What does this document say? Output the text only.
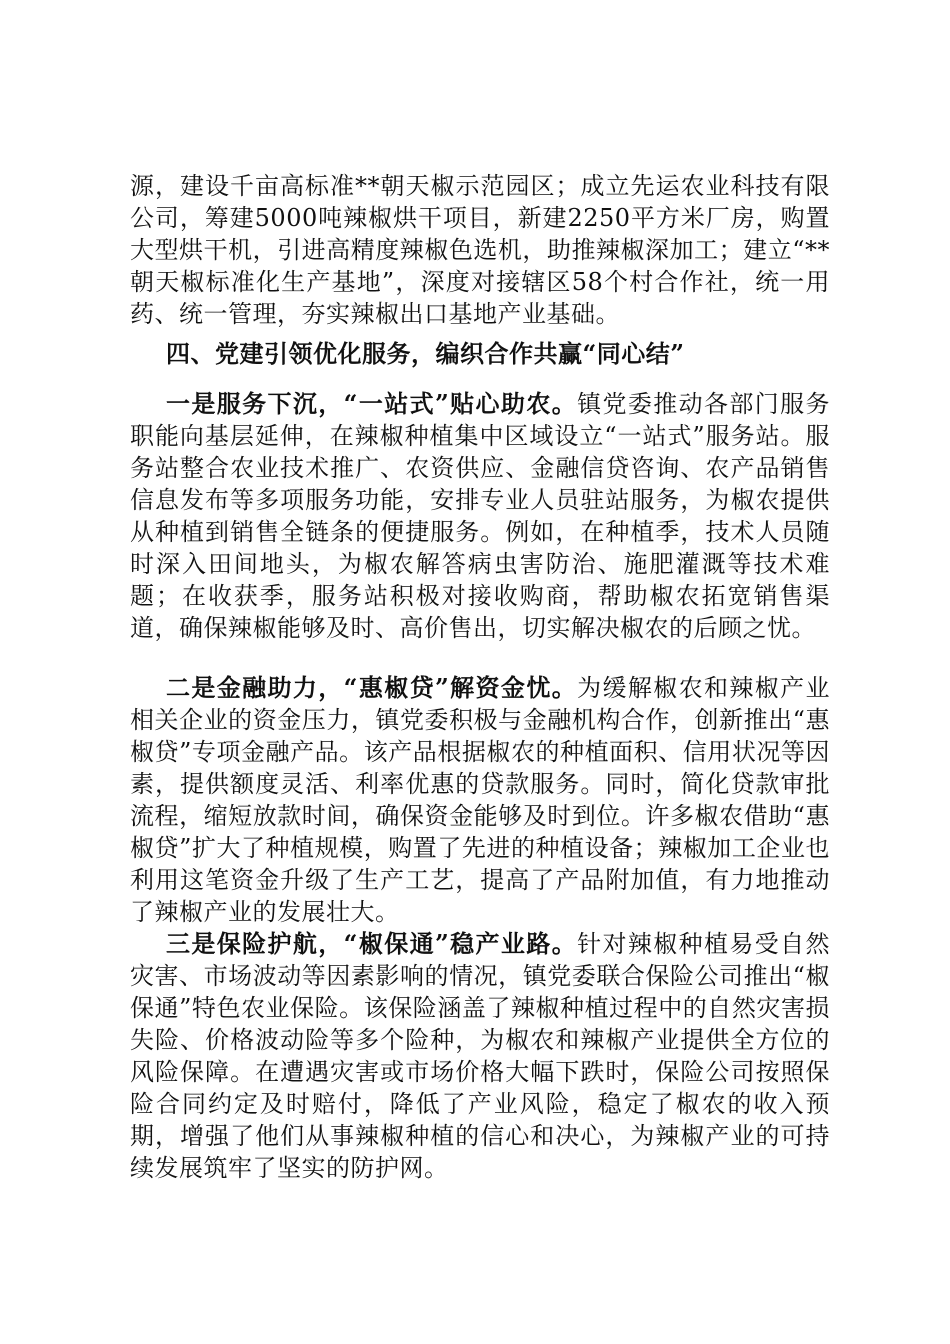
源，建设千亩高标准**朝天椒示范园区；成立先运农业科技有限公司，筹建5000吨辣椒烘干项目，新建2250平方米厂房，购置大型烘干机，引进高精度辣椒色选机，助推辣椒深加工；建立“**朝天椒标准化生产基地”，深度对接辖区58个村合作社，统一用药、统一管理，夯实辣椒出口基地产业基础。

四、党建引领优化服务，编织合作共赢“同心结”

一是服务下沉，“一站式”贴心助农。镇党委推动各部门服务职能向基层延伸，在辣椒种植集中区域设立“一站式”服务站。服务站整合农业技术推广、农资供应、金融信贷咨询、农产品销售信息发布等多项服务功能，安排专业人员驻站服务，为椒农提供从种植到销售全链条的便捷服务。例如，在种植季，技术人员随时深入田间地头，为椒农解答病虫害防治、施肥灌溉等技术难题；在收获季，服务站积极对接收购商，帮助椒农拓宽销售渠道，确保辣椒能够及时、高价售出，切实解决椒农的后顾之忧。

二是金融助力，“惠椒贷”解资金忧。为缓解椒农和辣椒产业相关企业的资金压力，镇党委积极与金融机构合作，创新推出“惠椒贷”专项金融产品。该产品根据椒农的种植面积、信用状况等因素，提供额度灵活、利率优惠的贷款服务。同时，简化贷款审批流程，缩短放款时间，确保资金能够及时到位。许多椒农借助“惠椒贷”扩大了种植规模，购置了先进的种植设备；辣椒加工企业也利用这笔资金升级了生产工艺，提高了产品附加值，有力地推动了辣椒产业的发展壮大。

三是保险护航，“椒保通”稳产业路。针对辣椒种植易受自然灾害、市场波动等因素影响的情况，镇党委联合保险公司推出“椒保通”特色农业保险。该保险涵盖了辣椒种植过程中的自然灾害损失险、价格波动险等多个险种，为椒农和辣椒产业提供全方位的风险保障。在遭遇灾害或市场价格大幅下跌时，保险公司按照保险合同约定及时赔付，降低了产业风险，稳定了椒农的收入预期，增强了他们从事辣椒种植的信心和决心，为辣椒产业的可持续发展筑牢了坚实的防护网。
